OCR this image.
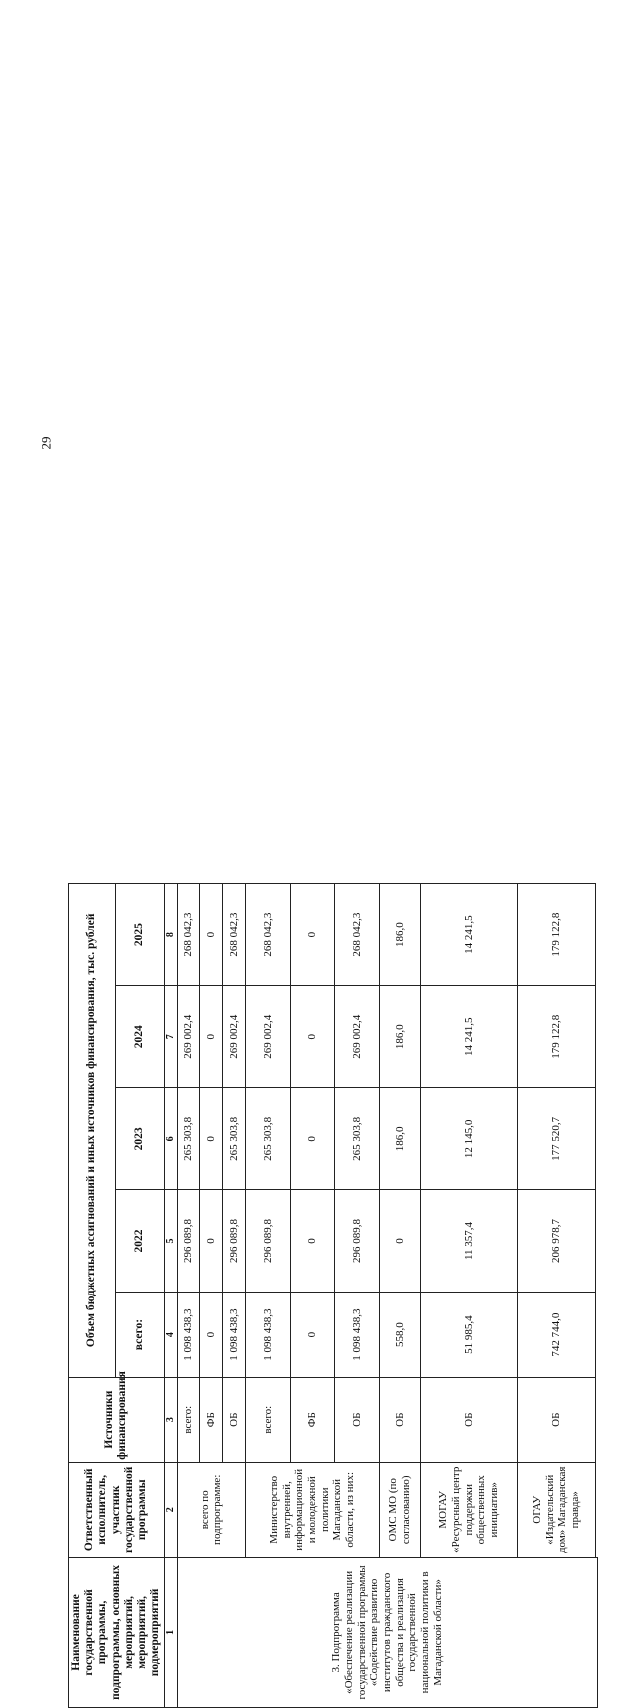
29
Наименование государственной программы, подпрограммы, основных мероприятий, мероприятий, подмероприятий	Ответственный исполнитель, участник государственной программы	Источники финансирования	Объем бюджетных ассигнований и иных источников финансирования, тыс. рублей				
			всего:	2022	2023	2024	2025
1	2	3	4	5	6	7	8
3. Подпрограмма «Обеспечение реализации государственной программы «Содействие развитию институтов гражданского общества и реализация государственной национальной политики в Магаданской области»	всего по подпрограмме:	всего:	1 098 438,3	296 089,8	265 303,8	269 002,4	268 042,3
		ФБ	0	0	0	0	0
		ОБ	1 098 438,3	296 089,8	265 303,8	269 002,4	268 042,3
	Министерство внутренней, информационной и молодежной политики Магаданской области, из них:	всего:	1 098 438,3	296 089,8	265 303,8	269 002,4	268 042,3
		ФБ	0	0	0	0	0
		ОБ	1 098 438,3	296 089,8	265 303,8	269 002,4	268 042,3
	ОМС МО (по согласованию)	ОБ	558,0	0	186,0	186,0	186,0
	МОГАУ «Ресурсный центр поддержки общественных инициатив»	ОБ	51 985,4	11 357,4	12 145,0	14 241,5	14 241,5
	ОГАУ «Издательский дом» Магаданская правда»	ОБ	742 744,0	206 978,7	177 520,7	179 122,8	179 122,8
